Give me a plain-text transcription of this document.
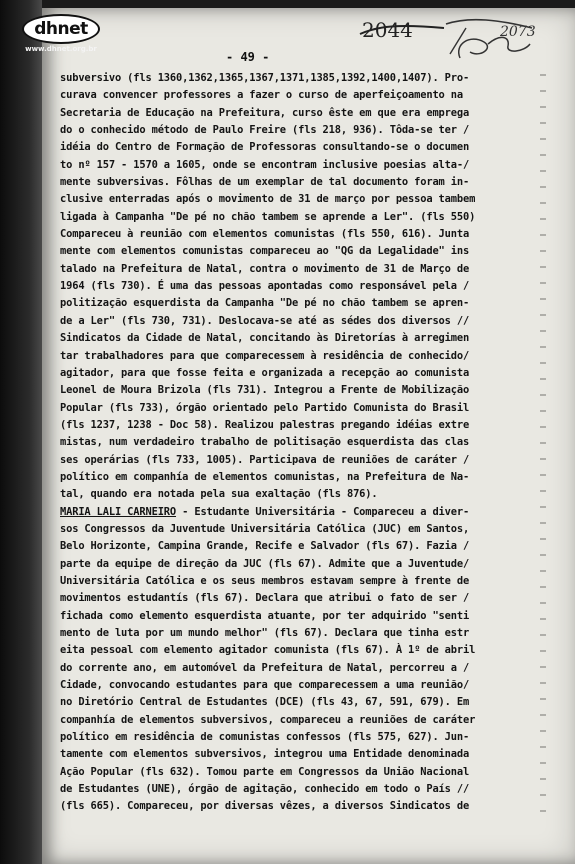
dhnet
www.dhnet.org.br
2044	2073
- 49 -
subversivo (fls 1360,1362,1365,1367,1371,1385,1392,1400,1407). Pro-
curava convencer professores a fazer o curso de aperfeiçoamento na
Secretaria de Educação na Prefeitura, curso êste em que era emprega
do o conhecido método de Paulo Freire (fls 218, 936). Tôda-se ter /
idéia do Centro de Formação de Professoras consultando-se o documen
to nº 157 - 1570 a 1605, onde se encontram inclusive poesias alta-/
mente subversivas. Fôlhas de um exemplar de tal documento foram in-
clusive enterradas após o movimento de 31 de março por pessoa tambem
ligada à Campanha "De pé no chão tambem se aprende a Ler". (fls 550)
Compareceu à reunião com elementos comunistas (fls 550, 616). Junta
mente com elementos comunistas compareceu ao "QG da Legalidade" ins
talado na Prefeitura de Natal, contra o movimento de 31 de Março de
1964 (fls 730). É uma das pessoas apontadas como responsável pela /
politização esquerdista da Campanha "De pé no chão tambem se apren-
de a Ler" (fls 730, 731). Deslocava-se até as sédes dos diversos //
Sindicatos da Cidade de Natal, concitando às Diretorías à arregimen
tar trabalhadores para que comparecessem à residência de conhecido/
agitador, para que fosse feita e organizada a recepção ao comunista
Leonel de Moura Brizola (fls 731). Integrou a Frente de Mobilização
Popular (fls 733), órgão orientado pelo Partido Comunista do Brasil
(fls 1237, 1238 - Doc 58). Realizou palestras pregando idéias extre
mistas, num verdadeiro trabalho de politisação esquerdista das clas
ses operárias (fls 733, 1005). Participava de reuniões de caráter /
político em companhía de elementos comunistas, na Prefeitura de Na-
tal, quando era notada pela sua exaltação (fls 876).
MARIA LALI CARNEIRO - Estudante Universitária - Compareceu a diver-
sos Congressos da Juventude Universitária Católica (JUC) em Santos,
Belo Horizonte, Campina Grande, Recife e Salvador (fls 67). Fazia /
parte da equipe de direção da JUC (fls 67). Admite que a Juventude/
Universitária Católica e os seus membros estavam sempre à frente de
movimentos estudantís (fls 67). Declara que atribui o fato de ser /
fichada como elemento esquerdista atuante, por ter adquirido "senti
mento de luta por um mundo melhor" (fls 67). Declara que tinha estr
eita pessoal com elemento agitador comunista (fls 67). À 1º de abril
do corrente ano, em automóvel da Prefeitura de Natal, percorreu a /
Cidade, convocando estudantes para que comparecessem a uma reunião/
no Diretório Central de Estudantes (DCE) (fls 43, 67, 591, 679). Em
companhía de elementos subversivos, compareceu a reuniões de caráter
político em residência de comunistas confessos (fls 575, 627). Jun-
tamente com elementos subversivos, integrou uma Entidade denominada
Ação Popular (fls 632). Tomou parte em Congressos da União Nacional
de Estudantes (UNE), órgão de agitação, conhecido em todo o País //
(fls 665). Compareceu, por diversas vêzes, a diversos Sindicatos de
